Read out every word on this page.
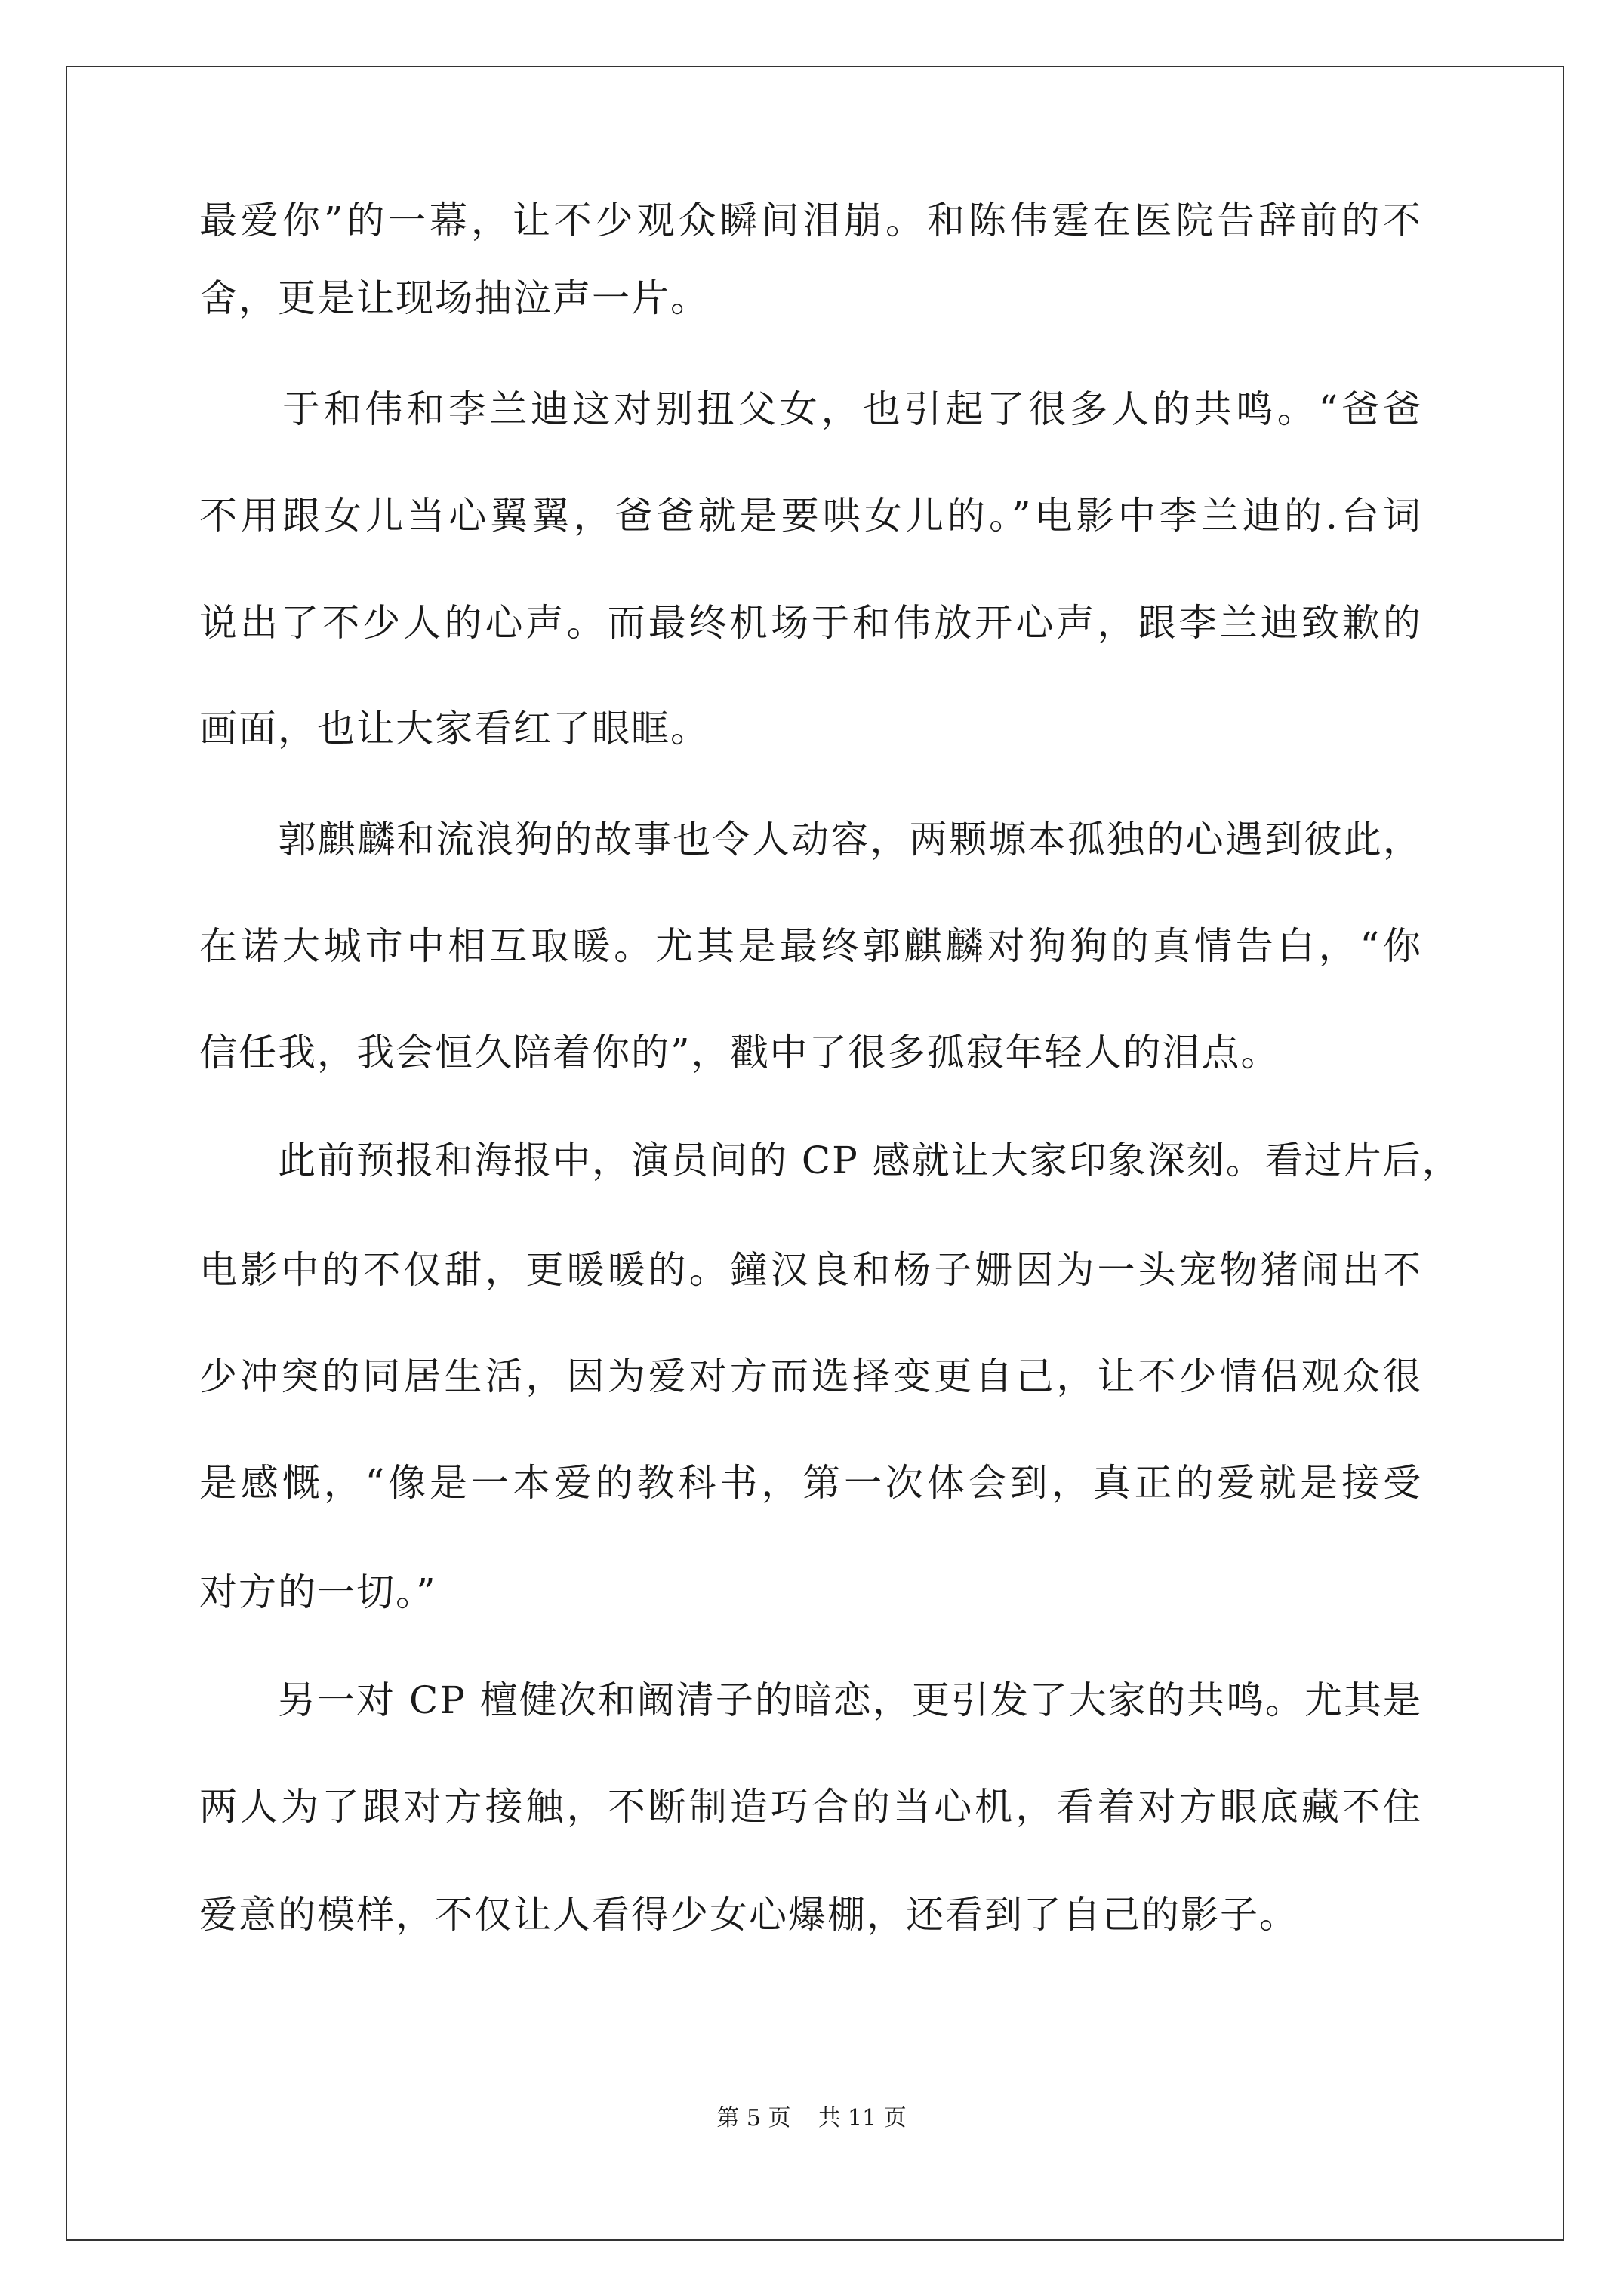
最爱你”的一幕，让不少观众瞬间泪崩。和陈伟霆在医院告辞前的不
舍，更是让现场抽泣声一片。
　　于和伟和李兰迪这对别扭父女，也引起了很多人的共鸣。“爸爸
不用跟女儿当心翼翼，爸爸就是要哄女儿的。”电影中李兰迪的.台词
说出了不少人的心声。而最终机场于和伟放开心声，跟李兰迪致歉的
画面，也让大家看红了眼眶。
　　郭麒麟和流浪狗的故事也令人动容，两颗塬本孤独的心遇到彼此，
在诺大城市中相互取暖。尤其是最终郭麒麟对狗狗的真情告白，“你
信任我，我会恒久陪着你的”，戳中了很多孤寂年轻人的泪点。
　　此前预报和海报中，演员间的 CP 感就让大家印象深刻。看过片后，
电影中的不仅甜，更暖暖的。鐘汉良和杨子姗因为一头宠物猪闹出不
少冲突的同居生活，因为爱对方而选择变更自己，让不少情侣观众很
是感慨，“像是一本爱的教科书，第一次体会到，真正的爱就是接受
对方的一切。”
　　另一对 CP 檀健次和阚清子的暗恋，更引发了大家的共鸣。尤其是
两人为了跟对方接触，不断制造巧合的当心机，看着对方眼底藏不住
爱意的模样，不仅让人看得少女心爆棚，还看到了自己的影子。
第 5 页 共 11 页
